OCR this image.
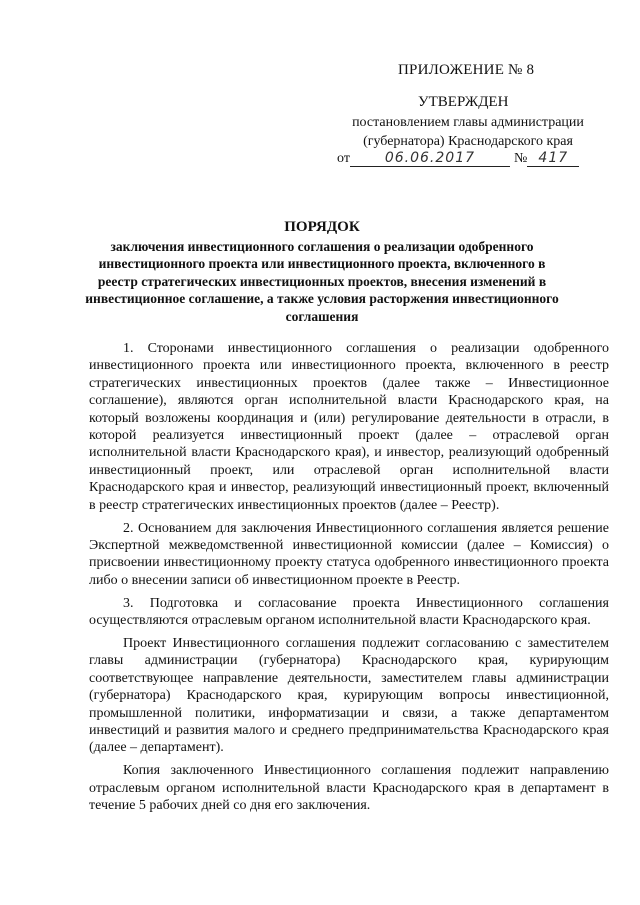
ПРИЛОЖЕНИЕ № 8
УТВЕРЖДЕН
постановлением главы администрации
(губернатора) Краснодарского края
от	06.06.2017	№ 417
ПОРЯДОК
заключения инвестиционного соглашения о реализации одобренного инвестиционного проекта или инвестиционного проекта, включенного в реестр стратегических инвестиционных проектов, внесения изменений в инвестиционное соглашение, а также условия расторжения инвестиционного соглашения

1. Сторонами инвестиционного соглашения о реализации одобренного инвестиционного проекта или инвестиционного проекта, включенного в реестр стратегических инвестиционных проектов (далее также – Инвестиционное соглашение), являются орган исполнительной власти Краснодарского края, на который возложены координация и (или) регулирование деятельности в отрасли, в которой реализуется инвестиционный проект (далее – отраслевой орган исполнительной власти Краснодарского края), и инвестор, реализующий одобренный инвестиционный проект, или отраслевой орган исполнительной власти Краснодарского края и инвестор, реализующий инвестиционный проект, включенный в реестр стратегических инвестиционных проектов (далее – Реестр).

2. Основанием для заключения Инвестиционного соглашения является решение Экспертной межведомственной инвестиционной комиссии (далее – Комиссия) о присвоении инвестиционному проекту статуса одобренного инвестиционного проекта либо о внесении записи об инвестиционном проекте в Реестр.

3. Подготовка и согласование проекта Инвестиционного соглашения осуществляются отраслевым органом исполнительной власти Краснодарского края.

Проект Инвестиционного соглашения подлежит согласованию с заместителем главы администрации (губернатора) Краснодарского края, курирующим соответствующее направление деятельности, заместителем главы администрации (губернатора) Краснодарского края, курирующим вопросы инвестиционной, промышленной политики, информатизации и связи, а также департаментом инвестиций и развития малого и среднего предпринимательства Краснодарского края (далее – департамент).

Копия заключенного Инвестиционного соглашения подлежит направлению отраслевым органом исполнительной власти Краснодарского края в департамент в течение 5 рабочих дней со дня его заключения.
